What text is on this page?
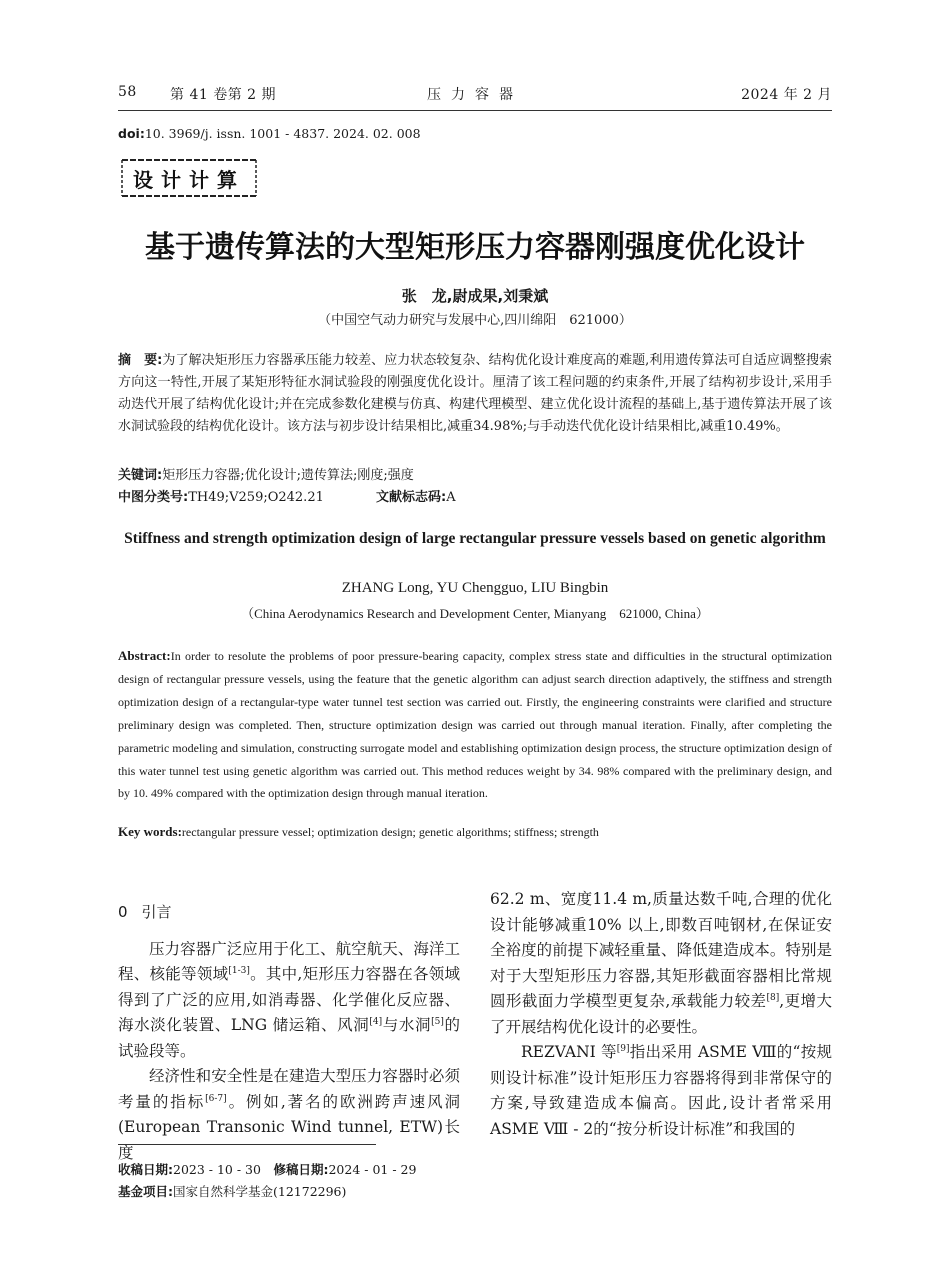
58 第 41 卷第 2 期	压力容器	2024 年 2 月
doi:10. 3969/j. issn. 1001 - 4837. 2024. 02. 008
设计计算
基于遗传算法的大型矩形压力容器刚强度优化设计
张　龙,尉成果,刘秉斌
（中国空气动力研究与发展中心,四川绵阳　621000）
摘　要:为了解决矩形压力容器承压能力较差、应力状态较复杂、结构优化设计难度高的难题,利用遗传算法可自适应调整搜索方向这一特性,开展了某矩形特征水洞试验段的刚强度优化设计。厘清了该工程问题的约束条件,开展了结构初步设计,采用手动迭代开展了结构优化设计;并在完成参数化建模与仿真、构建代理模型、建立优化设计流程的基础上,基于遗传算法开展了该水洞试验段的结构优化设计。该方法与初步设计结果相比,减重34.98%;与手动迭代优化设计结果相比,减重10.49%。
关键词:矩形压力容器;优化设计;遗传算法;刚度;强度
中图分类号:TH49;V259;O242.21	文献标志码:A
Stiffness and strength optimization design of large rectangular pressure vessels based on genetic algorithm
ZHANG Long, YU Chengguo, LIU Bingbin
（China Aerodynamics Research and Development Center, Mianyang　621000, China）
Abstract:In order to resolute the problems of poor pressure-bearing capacity, complex stress state and difficulties in the structural optimization design of rectangular pressure vessels, using the feature that the genetic algorithm can adjust search direction adaptively, the stiffness and strength optimization design of a rectangular-type water tunnel test section was carried out. Firstly, the engineering constraints were clarified and structure preliminary design was completed. Then, structure optimization design was carried out through manual iteration. Finally, after completing the parametric modeling and simulation, constructing surrogate model and establishing optimization design process, the structure optimization design of this water tunnel test using genetic algorithm was carried out. This method reduces weight by 34. 98% compared with the preliminary design, and by 10. 49% compared with the optimization design through manual iteration.
Key words:rectangular pressure vessel; optimization design; genetic algorithms; stiffness; strength
0 引言

压力容器广泛应用于化工、航空航天、海洋工程、核能等领域[1-3]。其中,矩形压力容器在各领域得到了广泛的应用,如消毒器、化学催化反应器、海水淡化装置、LNG 储运箱、风洞[4]与水洞[5]的试验段等。

经济性和安全性是在建造大型压力容器时必须考量的指标[6-7]。例如,著名的欧洲跨声速风洞(European Transonic Wind tunnel, ETW)长度

62.2 m、宽度11.4 m,质量达数千吨,合理的优化设计能够减重10% 以上,即数百吨钢材,在保证安全裕度的前提下减轻重量、降低建造成本。特别是对于大型矩形压力容器,其矩形截面容器相比常规圆形截面力学模型更复杂,承载能力较差[8],更增大了开展结构优化设计的必要性。

REZVANI 等[9]指出采用 ASME Ⅷ的“按规则设计标准”设计矩形压力容器将得到非常保守的方案,导致建造成本偏高。因此,设计者常采用 ASME Ⅷ - 2的“按分析设计标准”和我国的

收稿日期:2023 - 10 - 30　 修稿日期:2024 - 01 - 29
基金项目:国家自然科学基金(12172296)
